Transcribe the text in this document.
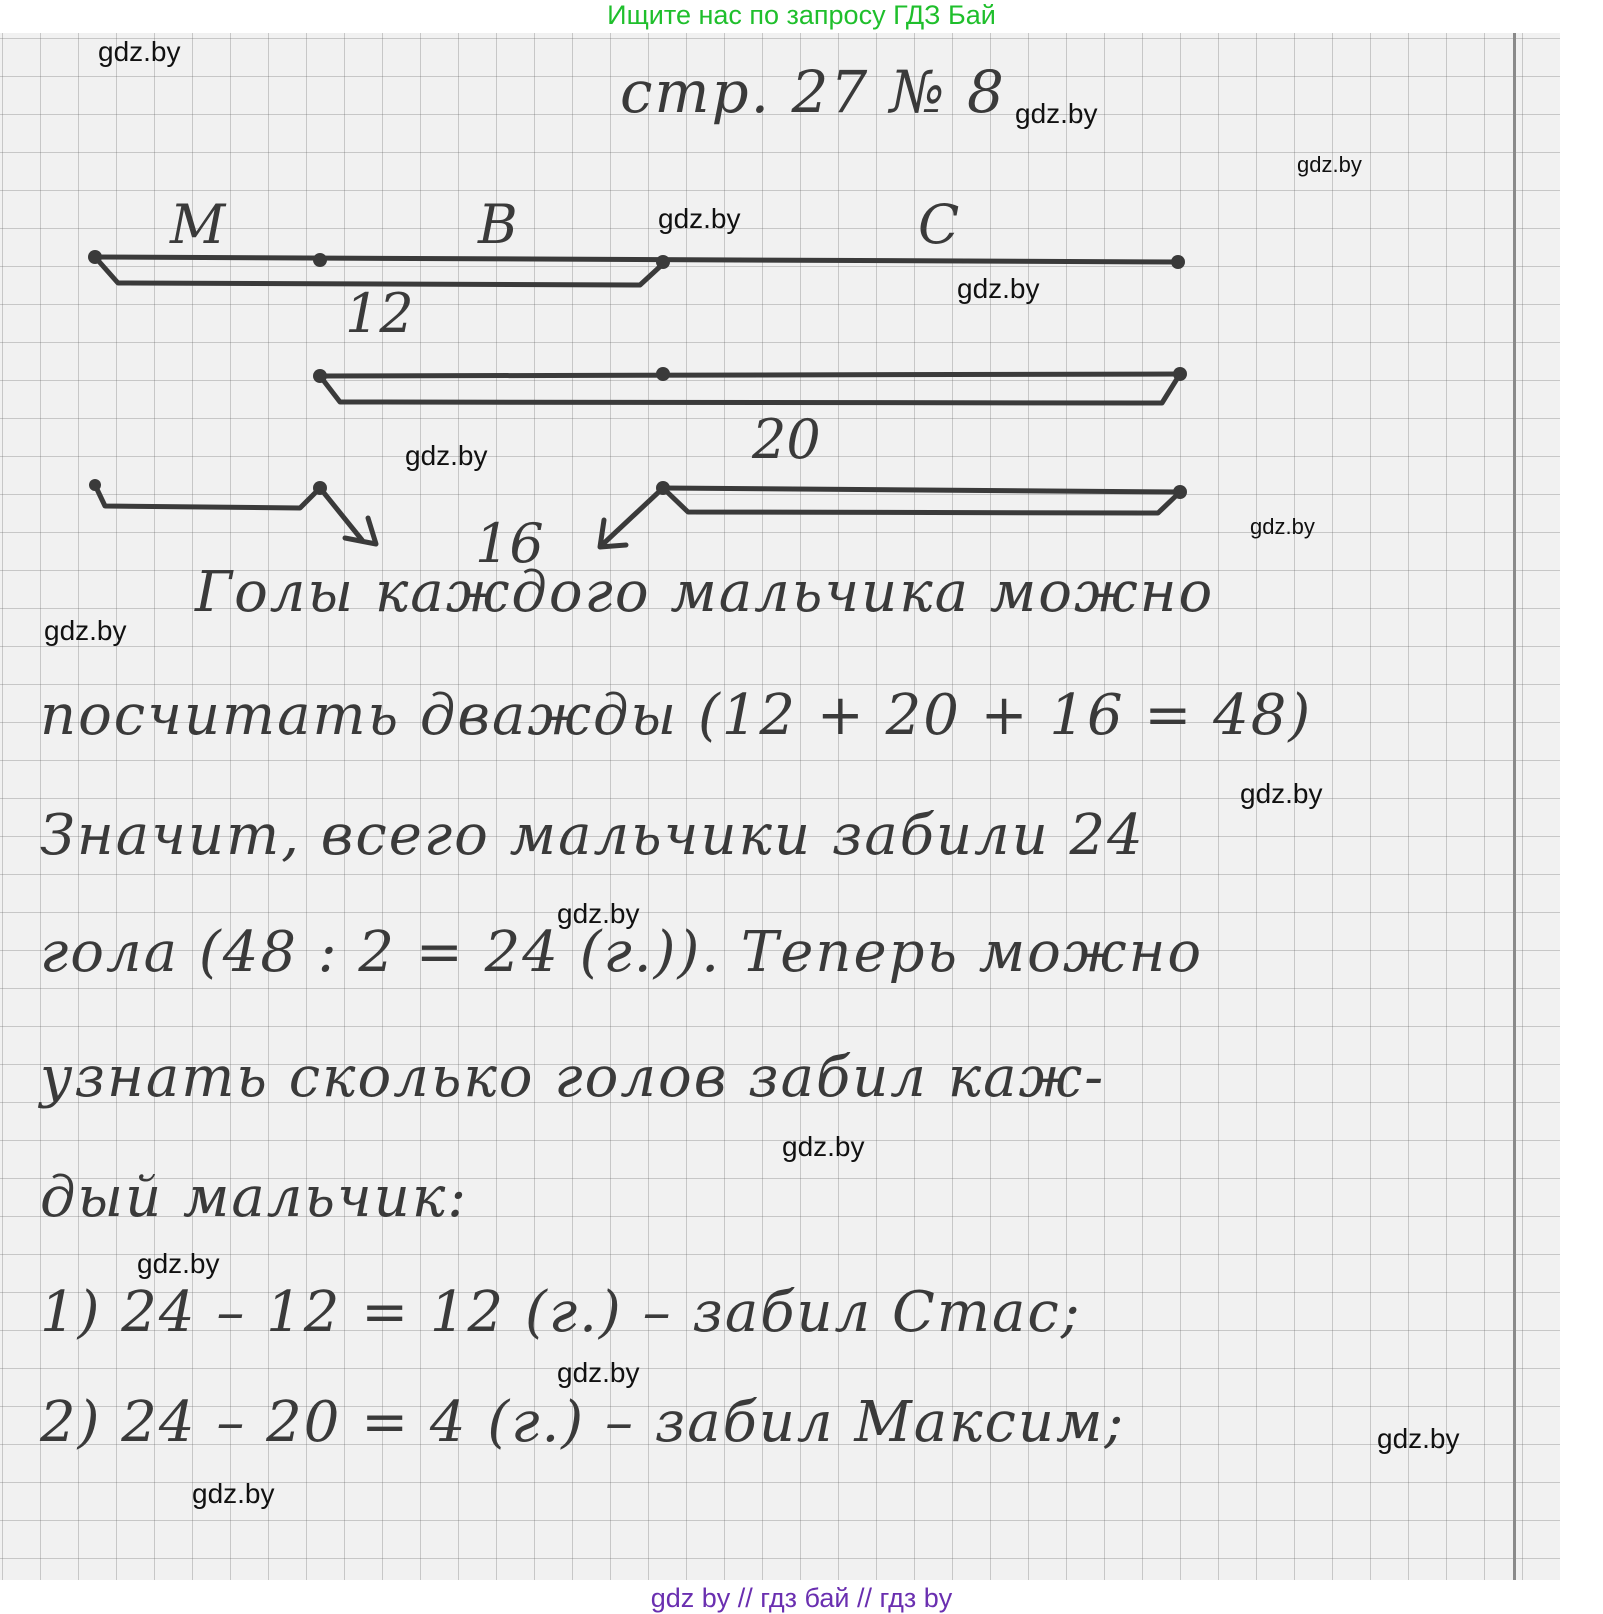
Ищите нас по запросу ГДЗ Бай
стр. 27 № 8
М	В	С
12
20
16
Голы каждого мальчика можно
посчитать дважды (12 + 20 + 16 = 48)
Значит, всего мальчики забили 24
гола (48 : 2 = 24 (г.)). Теперь можно
узнать сколько голов забил каж-
дый мальчик:
1) 24 – 12 = 12 (г.) – забил Стас;
2) 24 – 20 = 4 (г.) – забил Максим;
gdz.by
gdz.by
gdz.by
gdz.by
gdz.by
gdz.by
gdz.by
gdz.by
gdz.by
gdz.by
gdz.by
gdz.by
gdz.by
gdz.by
gdz.by
gdz by // гдз бай // гдз by
